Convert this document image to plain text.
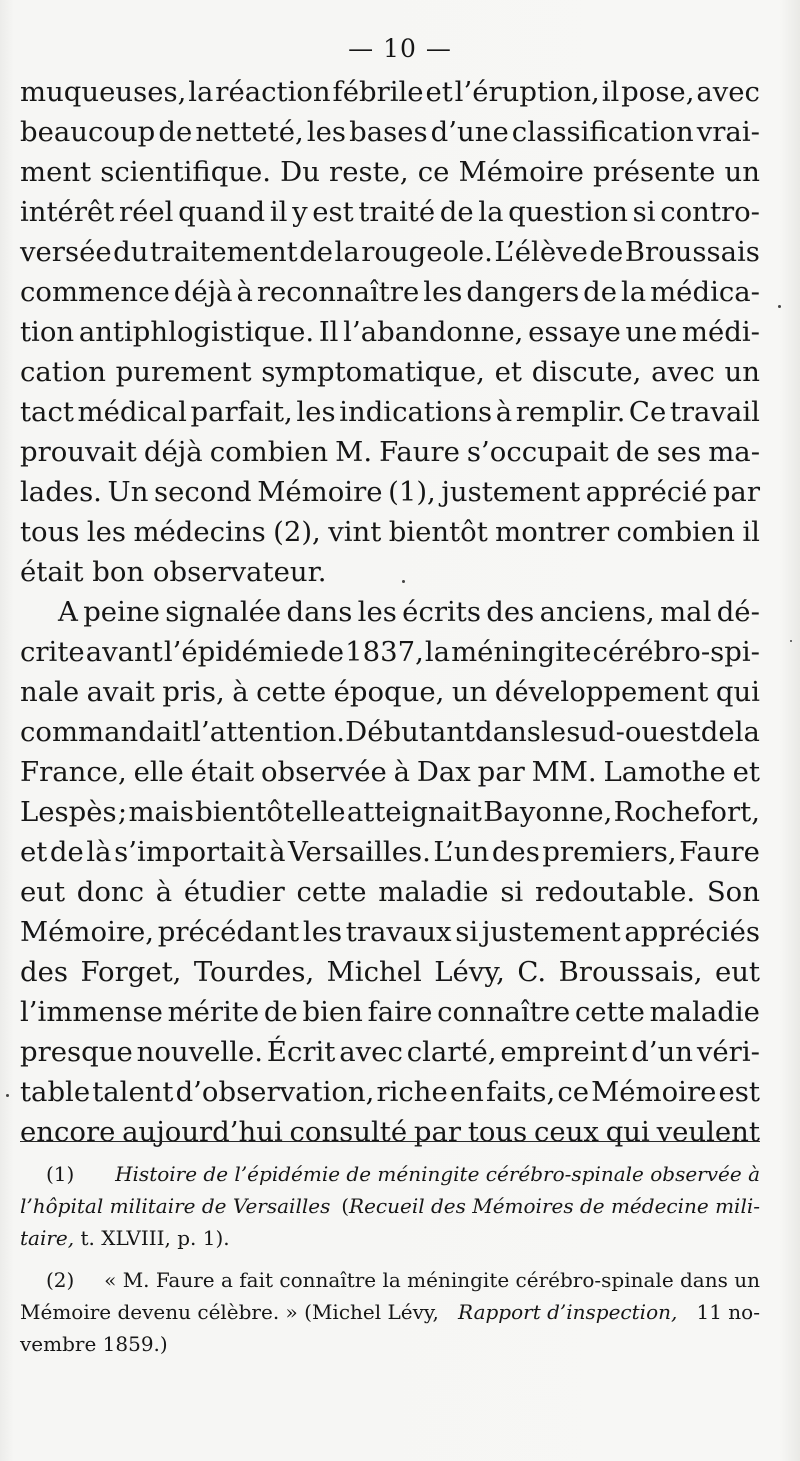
— 10 —
muqueuses, la réaction fébrile et l’éruption, il pose, avec
beaucoup de netteté, les bases d’une classification vrai-
ment scientifique. Du reste, ce Mémoire présente un
intérêt réel quand il y est traité de la question si contro-
versée du traitement de la rougeole. L’élève de Broussais
commence déjà à reconnaître les dangers de la médica-
tion antiphlogistique. Il l’abandonne, essaye une médi-
cation purement symptomatique, et discute, avec un
tact médical parfait, les indications à remplir. Ce travail
prouvait déjà combien M. Faure s’occupait de ses ma-
lades. Un second Mémoire (1), justement apprécié par
tous les médecins (2), vint bientôt montrer combien il
était bon observateur.
A peine signalée dans les écrits des anciens, mal dé-
crite avant l’épidémie de 1837, la méningite cérébro-spi-
nale avait pris, à cette époque, un développement qui
commandait l’attention. Débutant dans le sud-ouest de la
France, elle était observée à Dax par MM. Lamothe et
Lespès ; mais bientôt elle atteignait Bayonne, Rochefort,
et de là s’importait à Versailles. L’un des premiers, Faure
eut donc à étudier cette maladie si redoutable. Son
Mémoire, précédant les travaux si justement appréciés
des Forget, Tourdes, Michel Lévy, C. Broussais, eut
l’immense mérite de bien faire connaître cette maladie
presque nouvelle. Écrit avec clarté, empreint d’un véri-
table talent d’observation, riche en faits, ce Mémoire est
encore aujourd’hui consulté par tous ceux qui veulent
(1) Histoire de l’épidémie de méningite cérébro-spinale observée à
l’hôpital militaire de Versailles (Recueil des Mémoires de médecine mili-
taire,
t. XLVIII, p. 1).
(2) « M. Faure a fait connaître la méningite cérébro-spinale dans un
Mémoire devenu célèbre. » (Michel Lévy, Rapport d’inspection, 11 no-
vembre 1859.)
